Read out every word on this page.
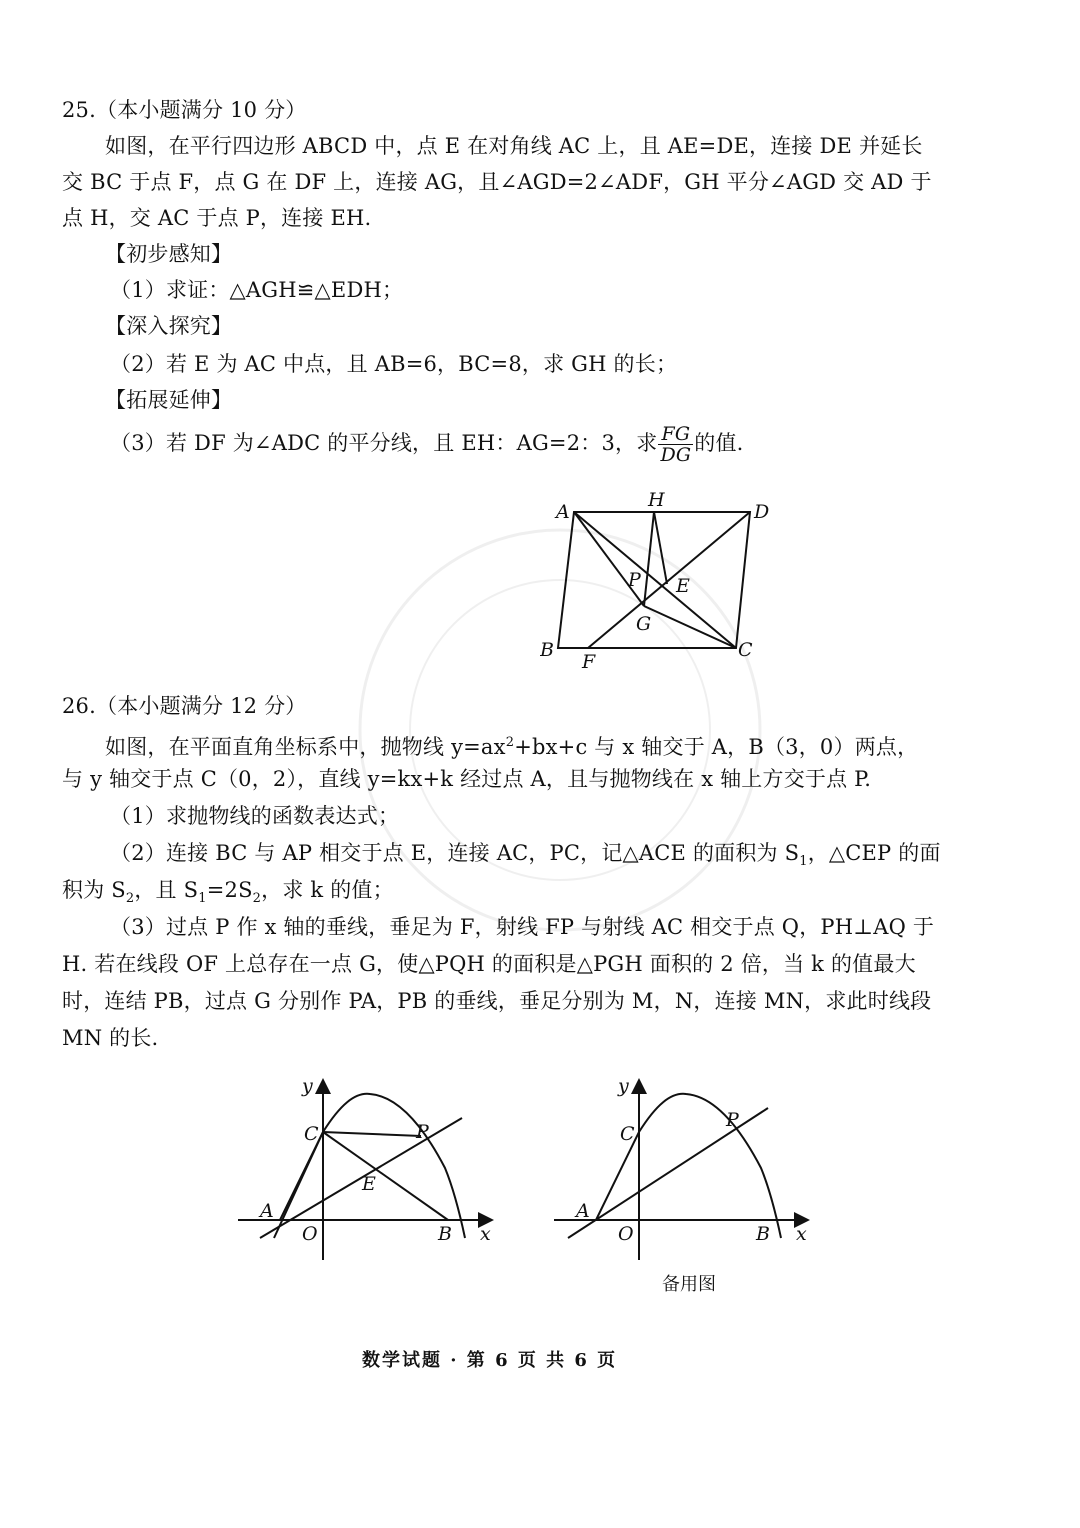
25.（本小题满分 10 分）
如图，在平行四边形 ABCD 中，点 E 在对角线 AC 上，且 AE=DE，连接 DE 并延长
交 BC 于点 F，点 G 在 DF 上，连接 AG，且∠AGD=2∠ADF，GH 平分∠AGD 交 AD 于
点 H，交 AC 于点 P，连接 EH.
【初步感知】
（1）求证：△AGH≌△EDH；
【深入探究】
（2）若 E 为 AC 中点，且 AB=6，BC=8，求 GH 的长；
【拓展延伸】
（3）若 DF 为∠ADC 的平分线，且 EH：AG=2：3，求 $\frac{FG}{DG}$ 的值.
A
H
D
P E
G
B
F
C
26.（本小题满分 12 分）
如图，在平面直角坐标系中，抛物线 $y=ax^2+bx+c$ 与 x 轴交于 A，B（3，0）两点，
与 y 轴交于点 C（0，2），直线 y=kx+k 经过点 A，且与抛物线在 x 轴上方交于点 P.
（1）求抛物线的函数表达式；
（2）连接 BC 与 AP 相交于点 E，连接 AC，PC，记△ACE 的面积为 $S_1$，△CEP 的面
积为 $S_2$，且 $S_1=2S_2$，求 k 的值；
（3）过点 P 作 x 轴的垂线，垂足为 F，射线 FP 与射线 AC 相交于点 Q，PH⊥AQ 于
H. 若在线段 OF 上总存在一点 G，使△PQH 的面积是△PGH 面积的 2 倍，当 k 的值最大
时，连结 PB，过点 G 分别作 PA，PB 的垂线，垂足分别为 M，N，连接 MN，求此时线段
MN 的长.
y
x
C	P
E
A
O	B
y
x
C
P
A
O	B
备用图
数学试题 · 第 6 页 共 6 页
